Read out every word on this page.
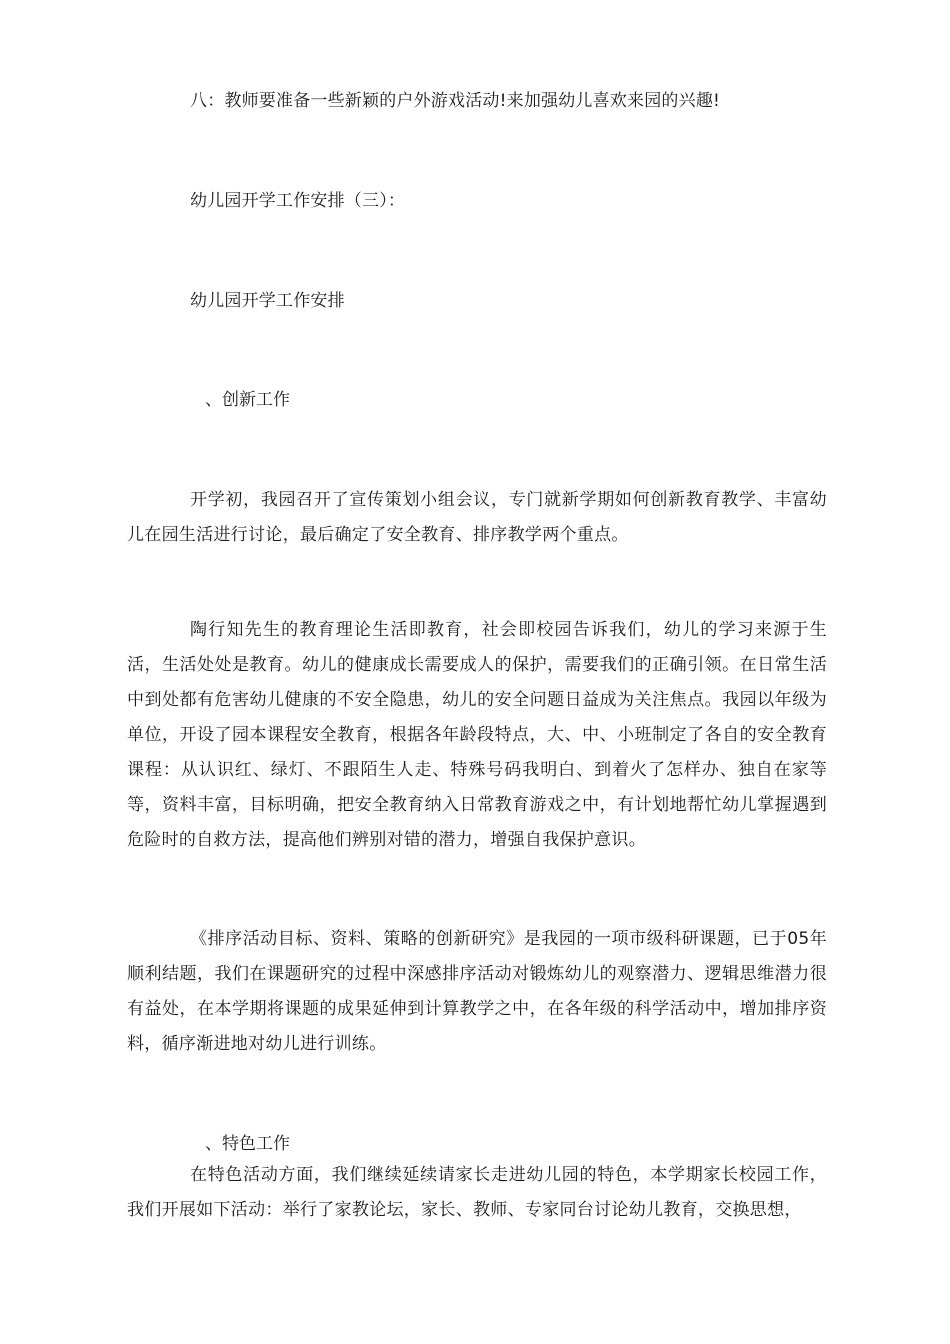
八：教师要准备一些新颖的户外游戏活动!来加强幼儿喜欢来园的兴趣!
幼儿园开学工作安排（三）：
幼儿园开学工作安排
、创新工作

开学初，我园召开了宣传策划小组会议，专门就新学期如何创新教育教学、丰富幼儿在园生活进行讨论，最后确定了安全教育、排序教学两个重点。

陶行知先生的教育理论生活即教育，社会即校园告诉我们，幼儿的学习来源于生活，生活处处是教育。幼儿的健康成长需要成人的保护，需要我们的正确引领。在日常生活中到处都有危害幼儿健康的不安全隐患，幼儿的安全问题日益成为关注焦点。我园以年级为单位，开设了园本课程安全教育，根据各年龄段特点，大、中、小班制定了各自的安全教育课程：从认识红、绿灯、不跟陌生人走、特殊号码我明白、到着火了怎样办、独自在家等等，资料丰富，目标明确，把安全教育纳入日常教育游戏之中，有计划地帮忙幼儿掌握遇到危险时的自救方法，提高他们辨别对错的潜力，增强自我保护意识。

《排序活动目标、资料、策略的创新研究》是我园的一项市级科研课题，已于05年顺利结题，我们在课题研究的过程中深感排序活动对锻炼幼儿的观察潜力、逻辑思维潜力很有益处，在本学期将课题的成果延伸到计算教学之中，在各年级的科学活动中，增加排序资料，循序渐进地对幼儿进行训练。

、特色工作

在特色活动方面，我们继续延续请家长走进幼儿园的特色，本学期家长校园工作，我们开展如下活动：举行了家教论坛，家长、教师、专家同台讨论幼儿教育，交换思想，
